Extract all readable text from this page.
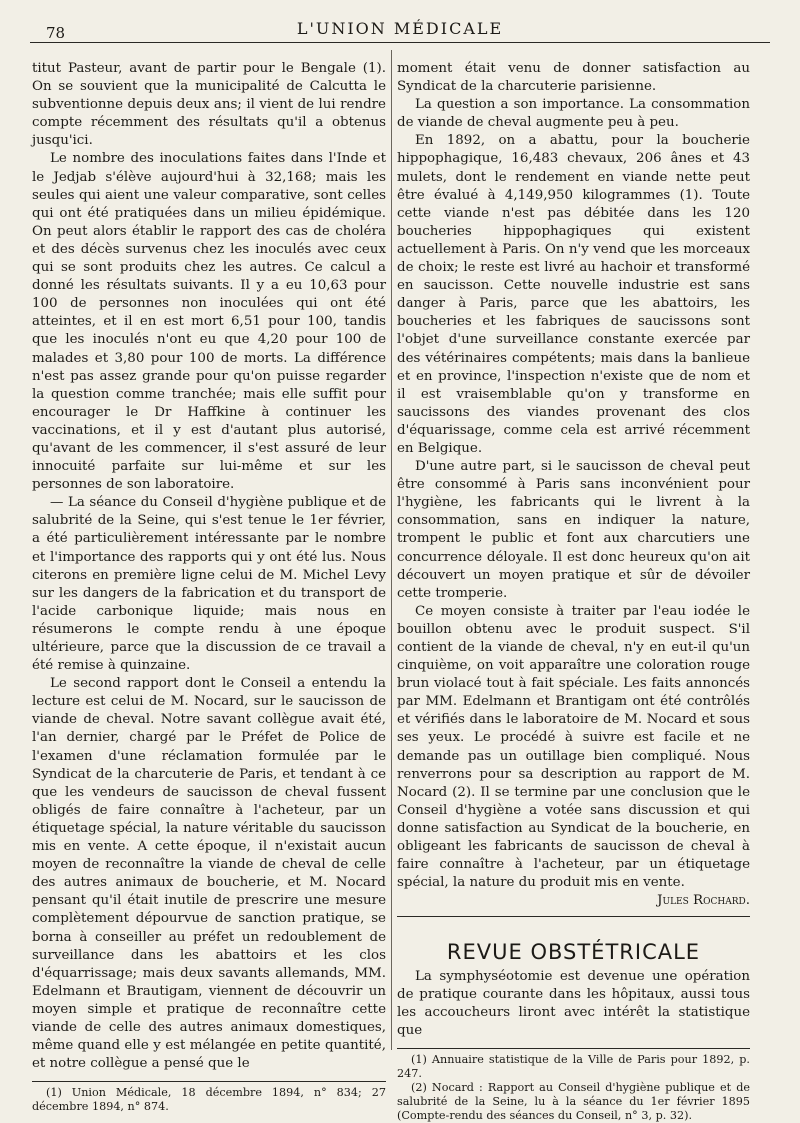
78	L'UNION MÉDICALE

titut Pasteur, avant de partir pour le Bengale (1). On se souvient que la municipalité de Calcutta le subventionne depuis deux ans; il vient de lui rendre compte récemment des résultats qu'il a obtenus jusqu'ici.

Le nombre des inoculations faites dans l'Inde et le Jedjab s'élève aujourd'hui à 32,168; mais les seules qui aient une valeur comparative, sont celles qui ont été pratiquées dans un milieu épidémique. On peut alors établir le rapport des cas de choléra et des décès survenus chez les inoculés avec ceux qui se sont produits chez les autres. Ce calcul a donné les résultats suivants. Il y a eu 10,63 pour 100 de personnes non inoculées qui ont été atteintes, et il en est mort 6,51 pour 100, tandis que les inoculés n'ont eu que 4,20 pour 100 de malades et 3,80 pour 100 de morts. La différence n'est pas assez grande pour qu'on puisse regarder la question comme tranchée; mais elle suffit pour encourager le Dr Haffkine à continuer les vaccinations, et il y est d'autant plus autorisé, qu'avant de les commencer, il s'est assuré de leur innocuité parfaite sur lui-même et sur les personnes de son laboratoire.

— La séance du Conseil d'hygiène publique et de salubrité de la Seine, qui s'est tenue le 1er février, a été particulièrement intéressante par le nombre et l'importance des rapports qui y ont été lus. Nous citerons en première ligne celui de M. Michel Levy sur les dangers de la fabrication et du transport de l'acide carbonique liquide; mais nous en résumerons le compte rendu à une époque ultérieure, parce que la discussion de ce travail a été remise à quinzaine.

Le second rapport dont le Conseil a entendu la lecture est celui de M. Nocard, sur le saucisson de viande de cheval. Notre savant collègue avait été, l'an dernier, chargé par le Préfet de Police de l'examen d'une réclamation formulée par le Syndicat de la charcuterie de Paris, et tendant à ce que les vendeurs de saucisson de cheval fussent obligés de faire connaître à l'acheteur, par un étiquetage spécial, la nature véritable du saucisson mis en vente. A cette époque, il n'existait aucun moyen de reconnaître la viande de cheval de celle des autres animaux de boucherie, et M. Nocard pensant qu'il était inutile de prescrire une mesure complètement dépourvue de sanction pratique, se borna à conseiller au préfet un redoublement de surveillance dans les abattoirs et les clos d'équarrissage; mais deux savants allemands, MM. Edelmann et Brautigam, viennent de découvrir un moyen simple et pratique de reconnaître cette viande de celle des autres animaux domestiques, même quand elle y est mélangée en petite quantité, et notre collègue a pensé que le

(1) Union Médicale, 18 décembre 1894, n° 834; 27 décembre 1894, n° 874.

moment était venu de donner satisfaction au Syndicat de la charcuterie parisienne.

La question a son importance. La consommation de viande de cheval augmente peu à peu.

En 1892, on a abattu, pour la boucherie hippophagique, 16,483 chevaux, 206 ânes et 43 mulets, dont le rendement en viande nette peut être évalué à 4,149,950 kilogrammes (1). Toute cette viande n'est pas débitée dans les 120 boucheries hippophagiques qui existent actuellement à Paris. On n'y vend que les morceaux de choix; le reste est livré au hachoir et transformé en saucisson. Cette nouvelle industrie est sans danger à Paris, parce que les abattoirs, les boucheries et les fabriques de saucissons sont l'objet d'une surveillance constante exercée par des vétérinaires compétents; mais dans la banlieue et en province, l'inspection n'existe que de nom et il est vraisemblable qu'on y transforme en saucissons des viandes provenant des clos d'équarissage, comme cela est arrivé récemment en Belgique.

D'une autre part, si le saucisson de cheval peut être consommé à Paris sans inconvénient pour l'hygiène, les fabricants qui le livrent à la consommation, sans en indiquer la nature, trompent le public et font aux charcutiers une concurrence déloyale. Il est donc heureux qu'on ait découvert un moyen pratique et sûr de dévoiler cette tromperie.

Ce moyen consiste à traiter par l'eau iodée le bouillon obtenu avec le produit suspect. S'il contient de la viande de cheval, n'y en eut-il qu'un cinquième, on voit apparaître une coloration rouge brun violacé tout à fait spéciale. Les faits annoncés par MM. Edelmann et Brantigam ont été contrôlés et vérifiés dans le laboratoire de M. Nocard et sous ses yeux. Le procédé à suivre est facile et ne demande pas un outillage bien compliqué. Nous renverrons pour sa description au rapport de M. Nocard (2). Il se termine par une conclusion que le Conseil d'hygiène a votée sans discussion et qui donne satisfaction au Syndicat de la boucherie, en obligeant les fabricants de saucisson de cheval à faire connaître à l'acheteur, par un étiquetage spécial, la nature du produit mis en vente.

Jules Rochard.

REVUE OBSTÉTRICALE

La symphyséotomie est devenue une opération de pratique courante dans les hôpitaux, aussi tous les accoucheurs liront avec intérêt la statistique que

(1) Annuaire statistique de la Ville de Paris pour 1892, p. 247.

(2) Nocard : Rapport au Conseil d'hygiène publique et de salubrité de la Seine, lu à la séance du 1er février 1895 (Compte-rendu des séances du Conseil, n° 3, p. 32).
